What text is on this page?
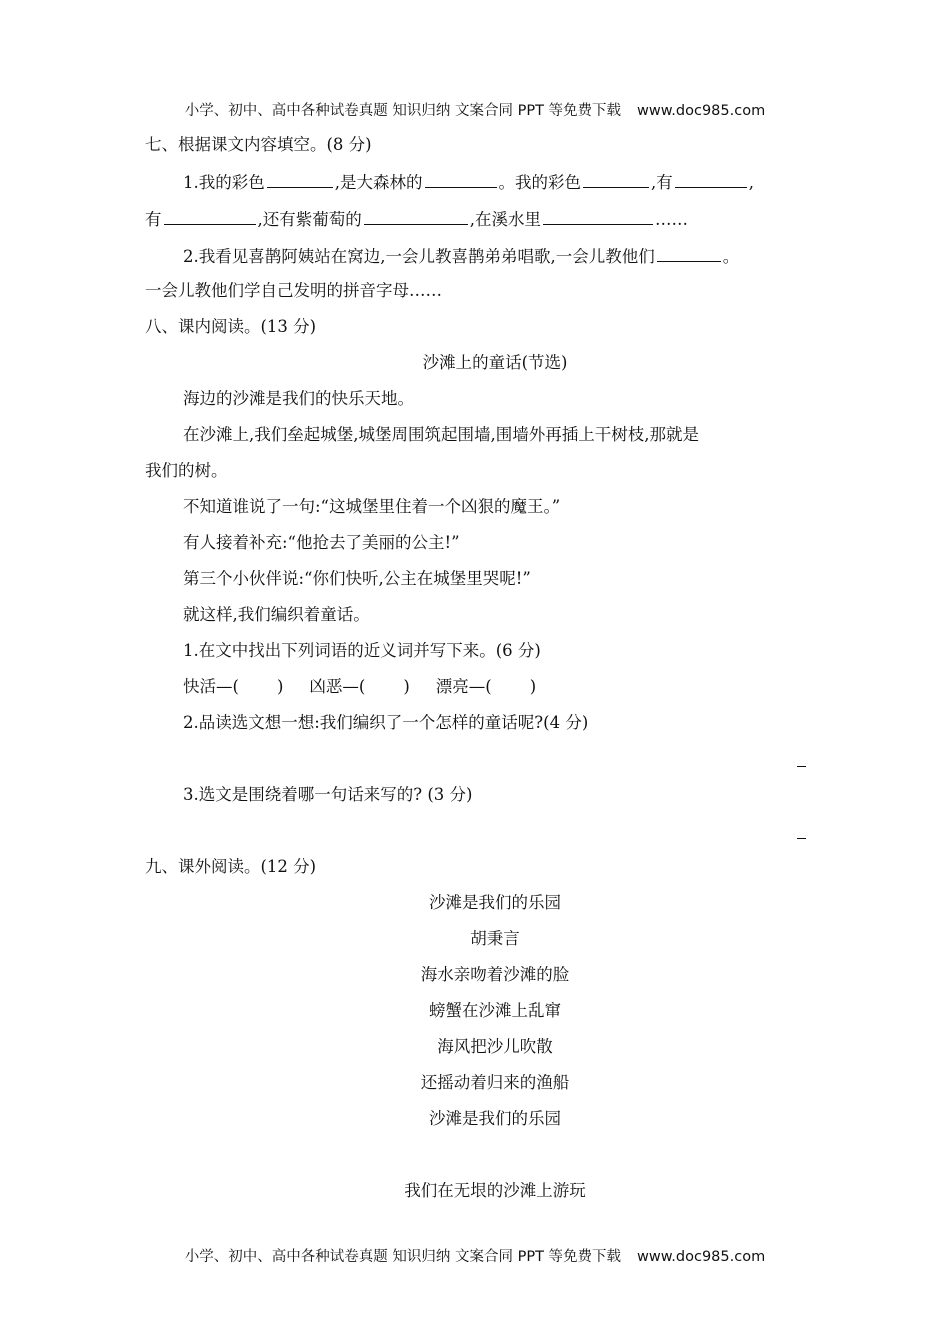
小学、初中、高中各种试卷真题 知识归纳 文案合同 PPT 等免费下载 www.doc985.com
七、根据课文内容填空。(8 分)
1.我的彩色	,是大森林的	。我的彩色	,有	,
有	,还有紫葡萄的	,在溪水里	……
2.我看见喜鹊阿姨站在窝边,一会儿教喜鹊弟弟唱歌,一会儿教他们	。
一会儿教他们学自己发明的拼音字母……
八、课内阅读。(13 分)
沙滩上的童话(节选)
海边的沙滩是我们的快乐天地。
在沙滩上,我们垒起城堡,城堡周围筑起围墙,围墙外再插上干树枝,那就是
我们的树。
不知道谁说了一句:“这城堡里住着一个凶狠的魔王。”
有人接着补充:“他抢去了美丽的公主!”
第三个小伙伴说:“你们快听,公主在城堡里哭呢!”
就这样,我们编织着童话。
1.在文中找出下列词语的近义词并写下来。(6 分)
快活—( ) 凶恶—( ) 漂亮—( )
2.品读选文想一想:我们编织了一个怎样的童话呢?(4 分)
3.选文是围绕着哪一句话来写的? (3 分)
九、课外阅读。(12 分)
沙滩是我们的乐园
胡秉言
海水亲吻着沙滩的脸
螃蟹在沙滩上乱窜
海风把沙儿吹散
还摇动着归来的渔船
沙滩是我们的乐园
我们在无垠的沙滩上游玩
小学、初中、高中各种试卷真题 知识归纳 文案合同 PPT 等免费下载 www.doc985.com
